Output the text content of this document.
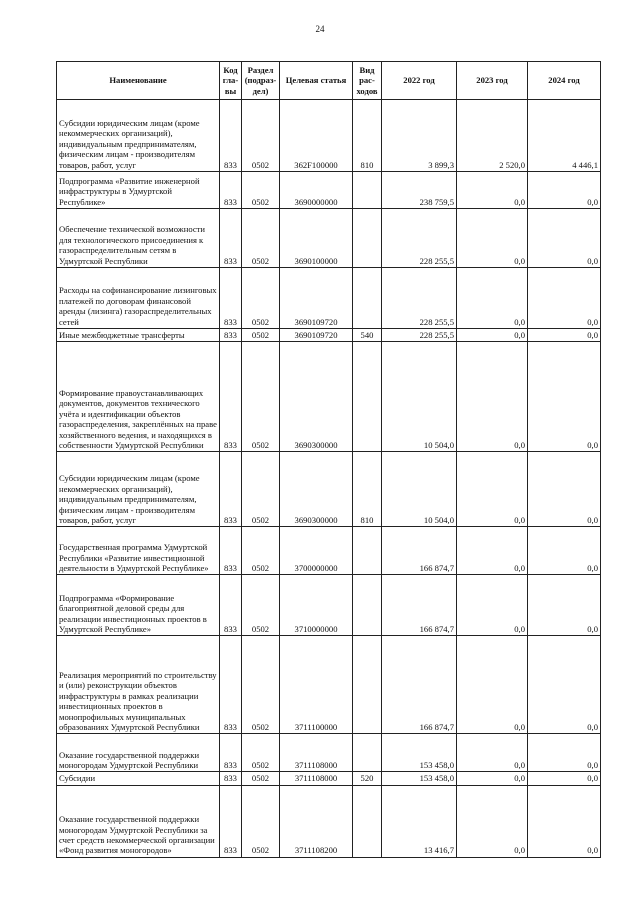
24
Наименование	Код гла- вы	Раздел (подраз- дел)	Целевая статья	Вид рас- ходов	2022 год	2023 год	2024 год
Субсидии юридическим лицам (кроме некоммерческих организаций), индивидуальным предпринимателям, физическим лицам - производителям товаров, работ, услуг	833	0502	362F100000	810	3 899,3	2 520,0	4 446,1
Подпрограмма «Развитие инженерной инфраструктуры в Удмуртской Республике»	833	0502	3690000000		238 759,5	0,0	0,0
Обеспечение технической возможности для технологического присоединения к газораспределительным сетям в Удмуртской Республики	833	0502	3690100000		228 255,5	0,0	0,0
Расходы на софинансирование лизинговых платежей по договорам финансовой аренды (лизинга) газораспределительных сетей	833	0502	3690109720		228 255,5	0,0	0,0
Иные межбюджетные трансферты	833	0502	3690109720	540	228 255,5	0,0	0,0
Формирование правоустанавливающих документов, документов технического учёта и идентификации объектов газораспределения, закреплённых на праве хозяйственного ведения, и находящихся в собственности Удмуртской Республики	833	0502	3690300000		10 504,0	0,0	0,0
Субсидии юридическим лицам (кроме некоммерческих организаций), индивидуальным предпринимателям, физическим лицам - производителям товаров, работ, услуг	833	0502	3690300000	810	10 504,0	0,0	0,0
Государственная программа Удмуртской Республики «Развитие инвестиционной деятельности в Удмуртской Республике»	833	0502	3700000000		166 874,7	0,0	0,0
Подпрограмма «Формирование благоприятной деловой среды для реализации инвестиционных проектов в Удмуртской Республике»	833	0502	3710000000		166 874,7	0,0	0,0
Реализация мероприятий по строительству и (или) реконструкции объектов инфраструктуры в рамках реализации инвестиционных проектов в монопрофильных муниципальных образованиях Удмуртской Республики	833	0502	3711100000		166 874,7	0,0	0,0
Оказание государственной поддержки моногородам Удмуртской Республики	833	0502	3711108000		153 458,0	0,0	0,0
Субсидии	833	0502	3711108000	520	153 458,0	0,0	0,0
Оказание государственной поддержки моногородам Удмуртской Республики за счет средств некоммерческой организации «Фонд развития моногородов»	833	0502	3711108200		13 416,7	0,0	0,0
